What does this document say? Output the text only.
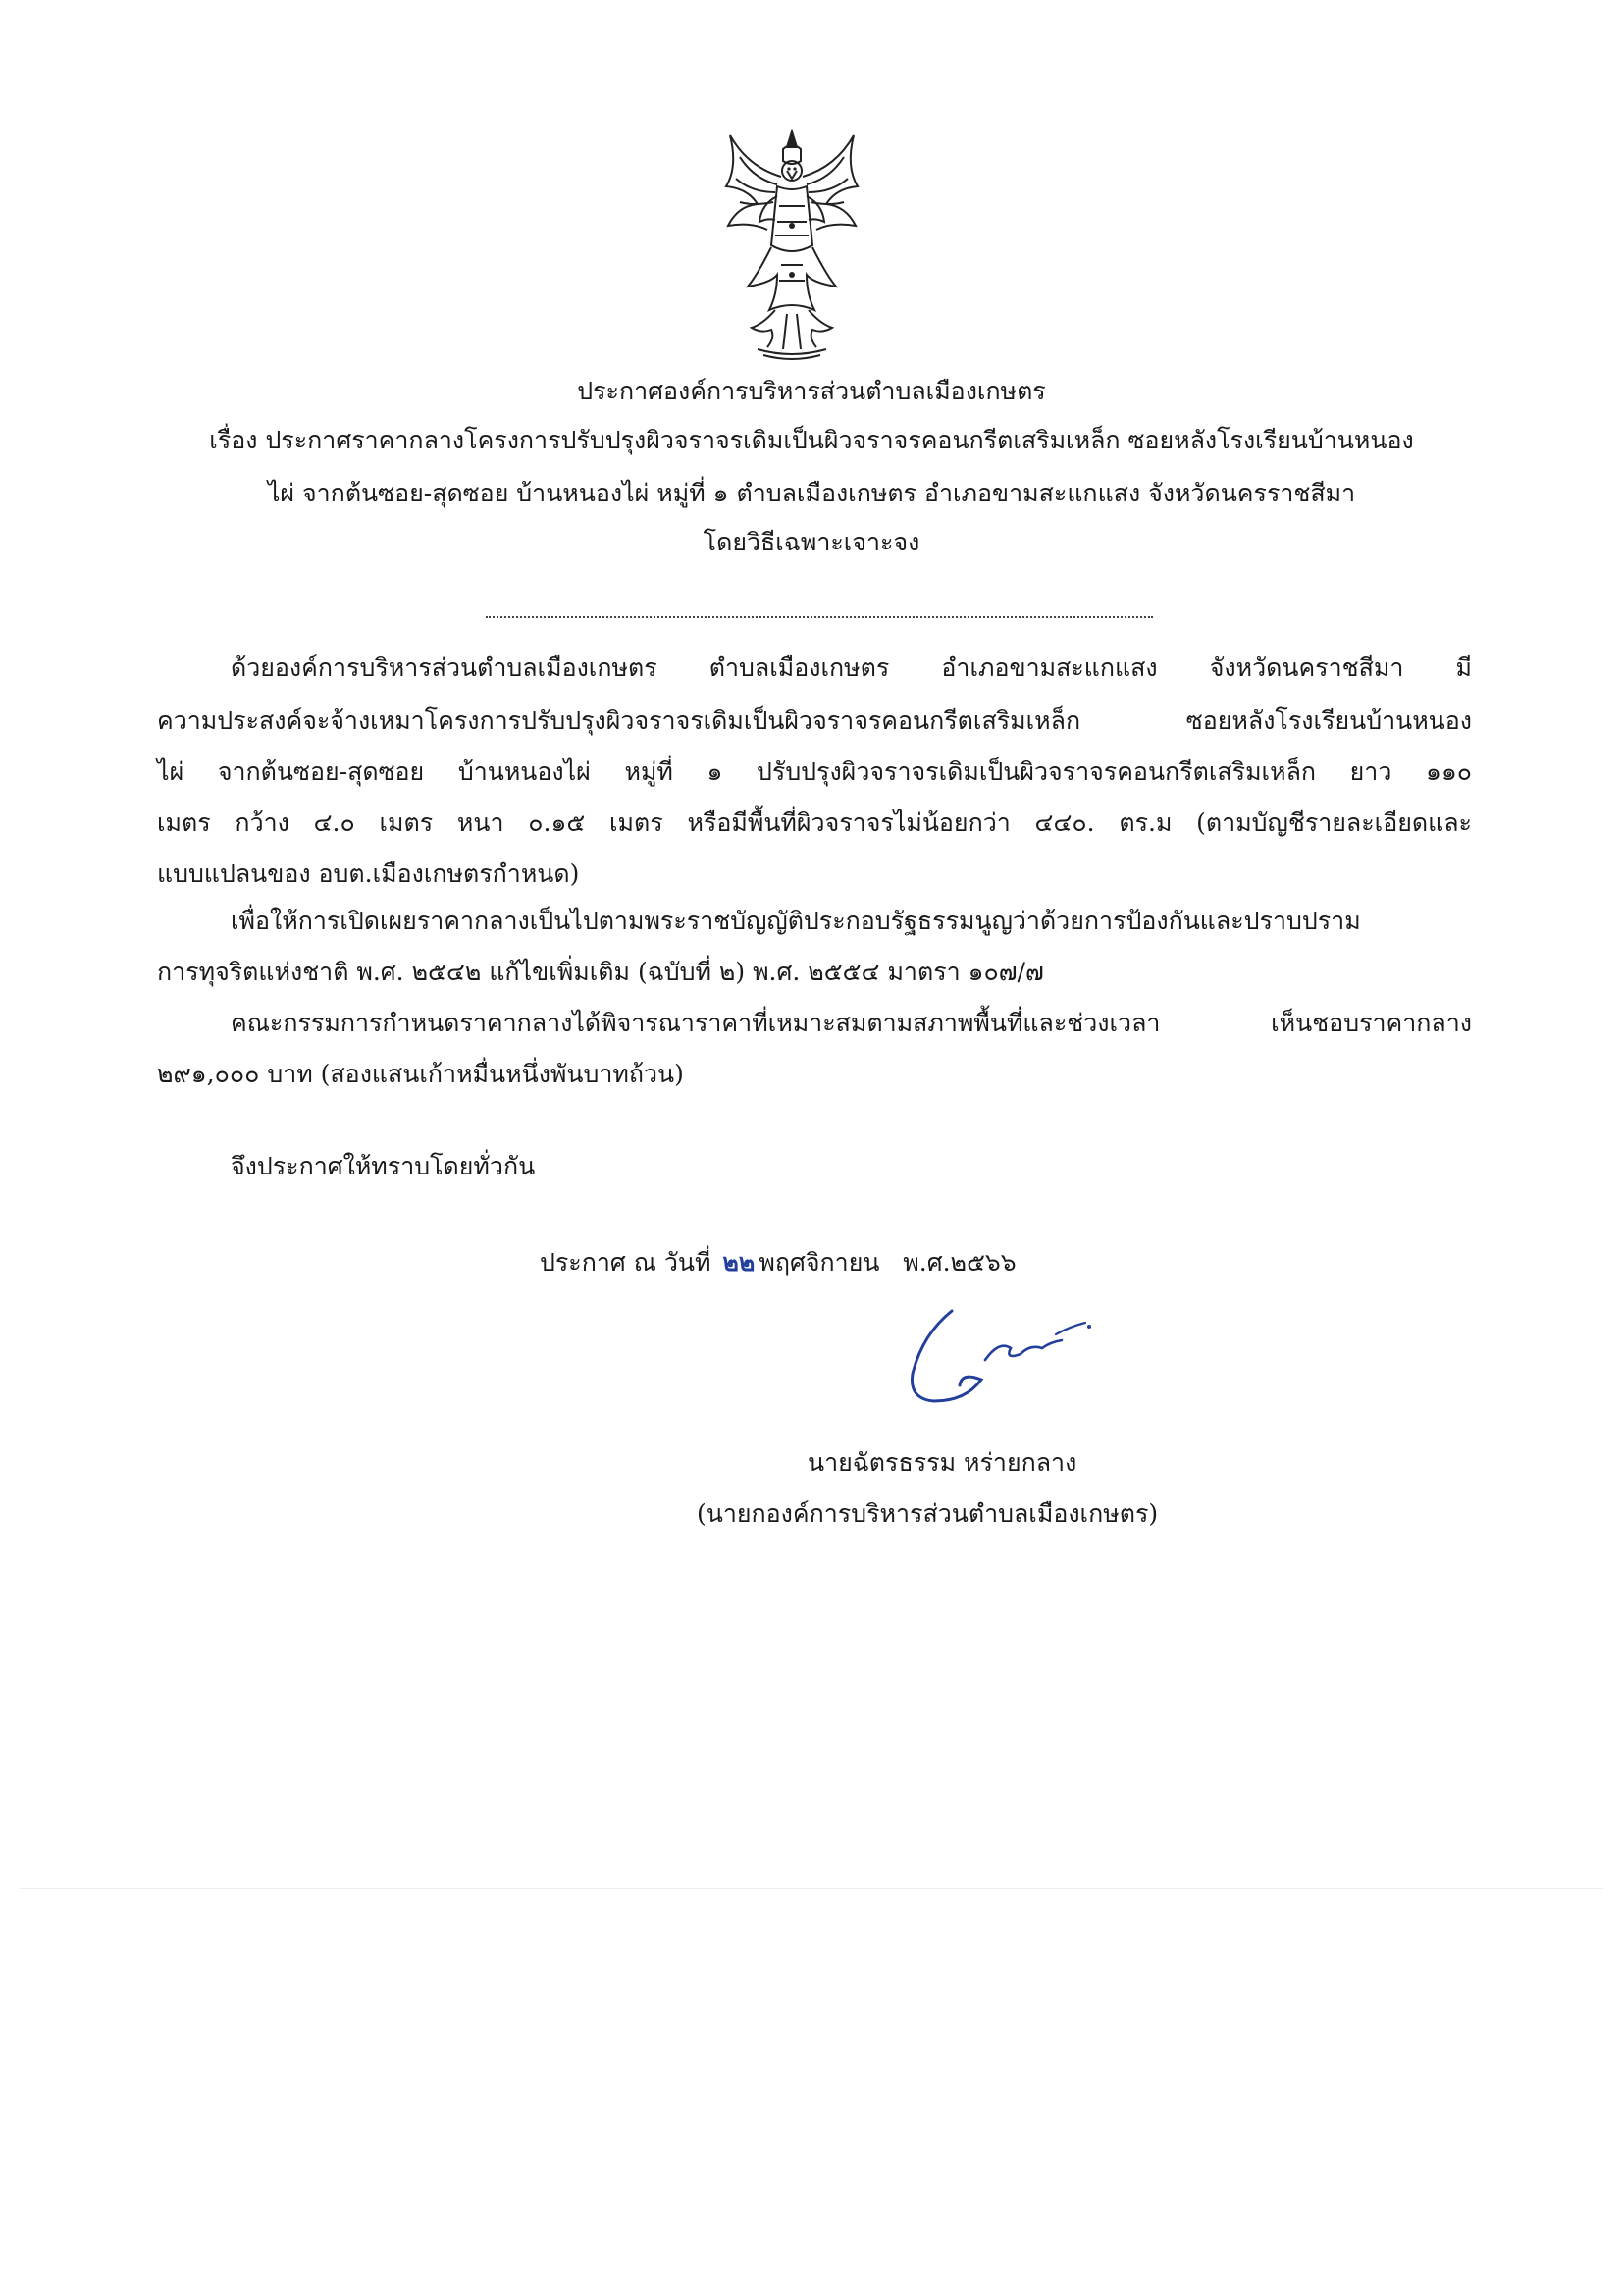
ประกาศองค์การบริหารส่วนตำบลเมืองเกษตร
เรื่อง ประกาศราคากลางโครงการปรับปรุงผิวจราจรเดิมเป็นผิวจราจรคอนกรีตเสริมเหล็ก ซอยหลังโรงเรียนบ้านหนอง
ไผ่ จากต้นซอย-สุดซอย บ้านหนองไผ่ หมู่ที่ ๑ ตำบลเมืองเกษตร อำเภอขามสะแกแสง จังหวัดนครราชสีมา
โดยวิธีเฉพาะเจาะจง
ด้วยองค์การบริหารส่วนตำบลเมืองเกษตร ตำบลเมืองเกษตร อำเภอขามสะแกแสง จังหวัดนคราชสีมา มี
ความประสงค์จะจ้างเหมาโครงการปรับปรุงผิวจราจรเดิมเป็นผิวจราจรคอนกรีตเสริมเหล็ก ซอยหลังโรงเรียนบ้านหนอง
ไผ่ จากต้นซอย-สุดซอย บ้านหนองไผ่ หมู่ที่ ๑ ปรับปรุงผิวจราจรเดิมเป็นผิวจราจรคอนกรีตเสริมเหล็ก ยาว ๑๑๐
เมตร กว้าง ๔.๐ เมตร หนา ๐.๑๕ เมตร หรือมีพื้นที่ผิวจราจรไม่น้อยกว่า ๔๔๐. ตร.ม (ตามบัญชีรายละเอียดและ
แบบแปลนของ อบต.เมืองเกษตรกำหนด)
เพื่อให้การเปิดเผยราคากลางเป็นไปตามพระราชบัญญัติประกอบรัฐธรรมนูญว่าด้วยการป้องกันและปราบปราม
การทุจริตแห่งชาติ พ.ศ. ๒๕๔๒ แก้ไขเพิ่มเติม (ฉบับที่ ๒) พ.ศ. ๒๕๕๔ มาตรา ๑๐๗/๗
คณะกรรมการกำหนดราคากลางได้พิจารณาราคาที่เหมาะสมตามสภาพพื้นที่และช่วงเวลา เห็นชอบราคากลาง
๒๙๑,๐๐๐ บาท (สองแสนเก้าหมื่นหนึ่งพันบาทถ้วน)
จึงประกาศให้ทราบโดยทั่วกัน
ประกาศ ณ วันที่ ๒๒ พฤศจิกายน พ.ศ.๒๕๖๖
นายฉัตรธรรม หร่ายกลาง
(นายกองค์การบริหารส่วนตำบลเมืองเกษตร)
